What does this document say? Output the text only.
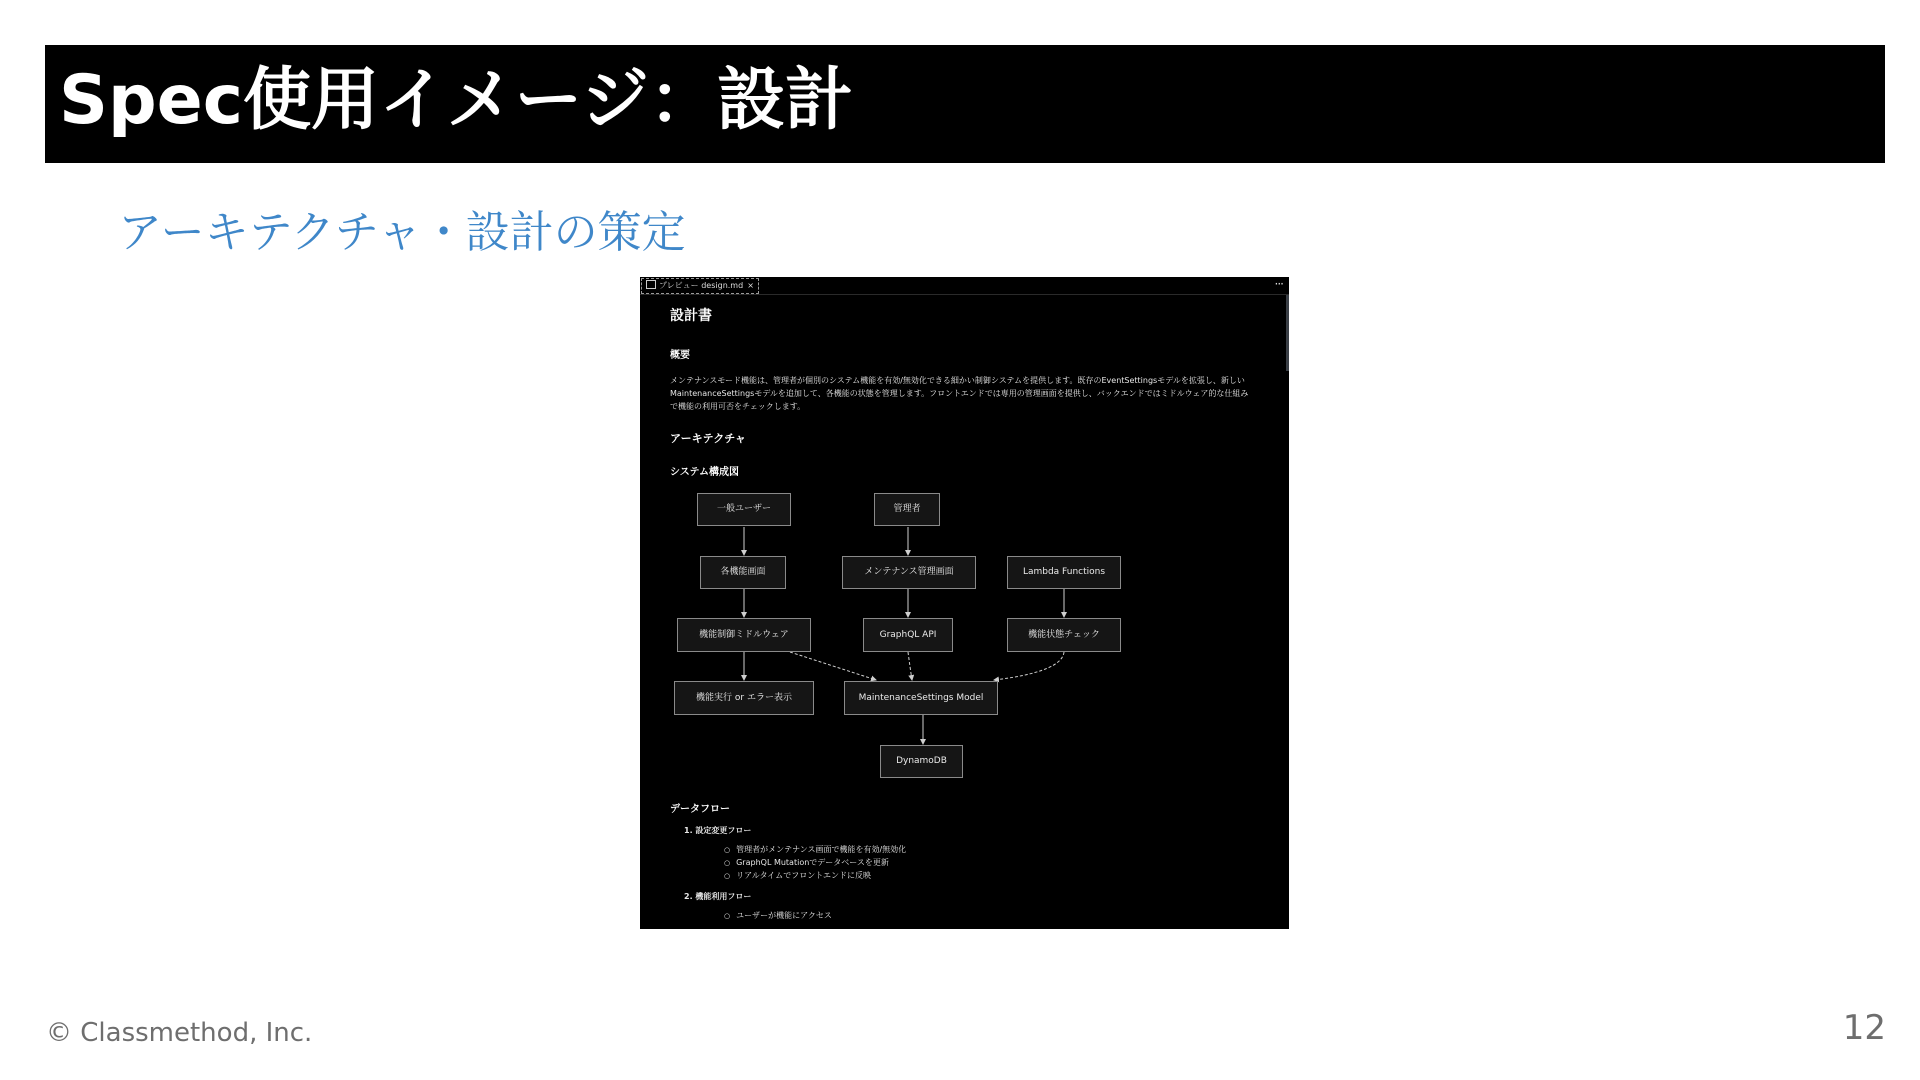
Spec使用イメージ：設計
アーキテクチャ・設計の策定
プレビュー design.md ×	···
設計書
概要
メンテナンスモード機能は、管理者が個別のシステム機能を有効/無効化できる細かい制御システムを提供します。既存のEventSettingsモデルを拡張し、新しいMaintenanceSettingsモデルを追加して、各機能の状態を管理します。フロントエンドでは専用の管理画面を提供し、バックエンドではミドルウェア的な仕組みで機能の利用可否をチェックします。
アーキテクチャ
システム構成図
データフロー
一般ユーザー	管理者
各機能画面	メンテナンス管理画面	Lambda Functions
機能制御ミドルウェア	GraphQL API	機能状態チェック
機能実行 or エラー表示	MaintenanceSettings Model
DynamoDB
1. 設定変更フロー
○ 管理者がメンテナンス画面で機能を有効/無効化
○ GraphQL Mutationでデータベースを更新
○ リアルタイムでフロントエンドに反映
2. 機能利用フロー
○ ユーザーが機能にアクセス
© Classmethod, Inc.	12
